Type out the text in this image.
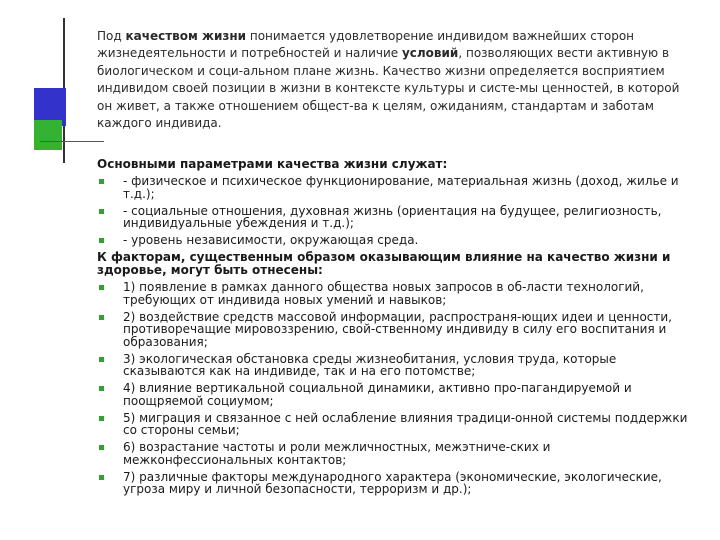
Под качеством жизни понимается удовлетворение индивидом важнейших сторон жизнедеятельности и потребностей и наличие условий, позволяющих вести активную в биологическом и соци-альном плане жизнь. Качество жизни определяется восприятием индивидом своей позиции в жизни в контексте культуры и систе-мы ценностей, в которой он живет, а также отношением общест-ва к целям, ожиданиям, стандартам и заботам каждого индивида.
Основными параметрами качества жизни служат:
- физическое и психическое функционирование, материальная жизнь (доход, жилье и т.д.);
- социальные отношения, духовная жизнь (ориентация на будущее, религиозность, индивидуальные убеждения и т.д.);
- уровень независимости, окружающая среда.
К факторам, существенным образом оказывающим влияние на качество жизни и здоровье, могут быть отнесены:
1) появление в рамках данного общества новых запросов в об-ласти технологий, требующих от индивида новых умений и навыков;
2) воздействие средств массовой информации, распространя-ющих идеи и ценности, противоречащие мировоззрению, свой-ственному индивиду в силу его воспитания и образования;
3) экологическая обстановка среды жизнеобитания, условия труда, которые сказываются как на индивиде, так и на его потомстве;
4) влияние вертикальной социальной динамики, активно про-пагандируемой и поощряемой социумом;
5) миграция и связанное с ней ослабление влияния традици-онной системы поддержки со стороны семьи;
6) возрастание частоты и роли межличностных, межэтниче-ских и межконфессиональных контактов;
7) различные факторы международного характера (экономические, экологические, угроза миру и личной безопасности, терроризм и др.);
